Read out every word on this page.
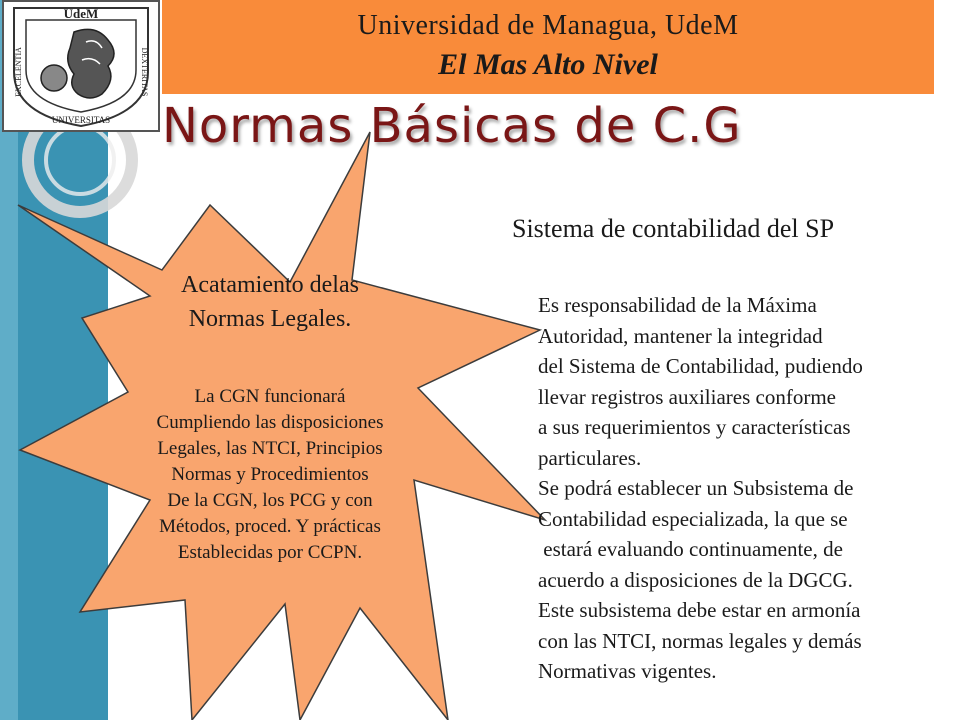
Universidad de Managua, UdeM
El Mas Alto Nivel
UdeM
EXCELENTIA	DEXTERITAS
UNIVERSITAS Normas Básicas de C.G
Acatamiento delas
Normas Legales.
La CGN funcionará
Cumpliendo las disposiciones
Legales, las NTCI, Principios
Normas y Procedimientos
De la CGN, los PCG y con
Métodos, proced. Y prácticas
Establecidas por CCPN.
Sistema de contabilidad del SP
Es responsabilidad de la Máxima
Autoridad, mantener la integridad
del Sistema de Contabilidad, pudiendo
llevar registros auxiliares conforme
a sus requerimientos y características
particulares.
Se podrá establecer un Subsistema de
Contabilidad especializada, la que se
estará evaluando continuamente, de
acuerdo a disposiciones de la DGCG.
Este subsistema debe estar en armonía
con las NTCI, normas legales y demás
Normativas vigentes.
